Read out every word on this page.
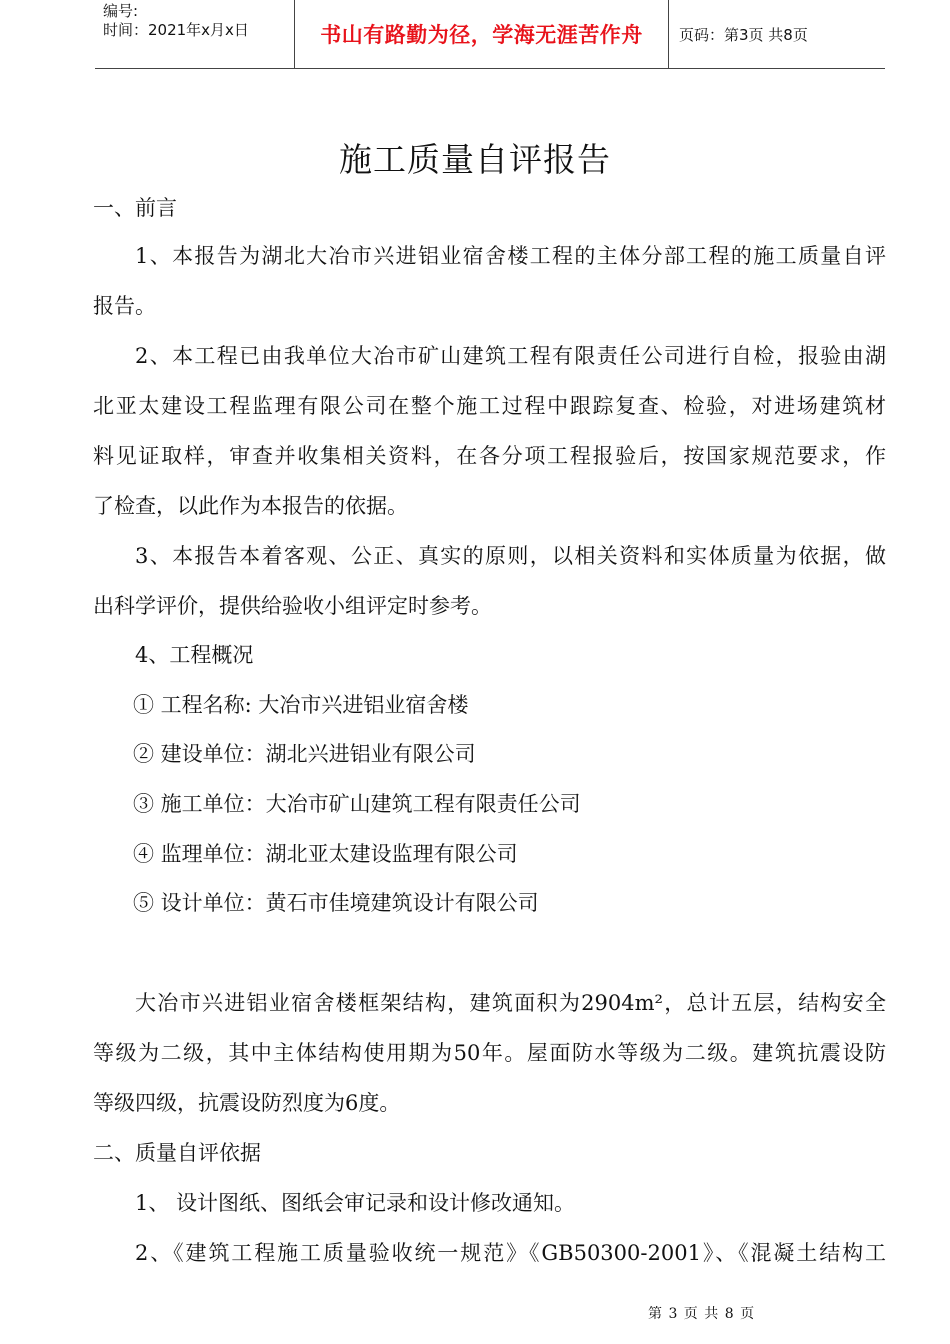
编号:
时间：2021年x月x日	书山有路勤为径，学海无涯苦作舟	页码：第3页 共8页
施工质量自评报告
一、前言
1、本报告为湖北大冶市兴进铝业宿舍楼工程的主体分部工程的施工质量自评
报告。
2、本工程已由我单位大冶市矿山建筑工程有限责任公司进行自检，报验由湖
北亚太建设工程监理有限公司在整个施工过程中跟踪复查、检验，对进场建筑材
料见证取样，审查并收集相关资料，在各分项工程报验后，按国家规范要求，作
了检查，以此作为本报告的依据。
3、本报告本着客观、公正、真实的原则，以相关资料和实体质量为依据，做
出科学评价，提供给验收小组评定时参考。
4、工程概况
① 工程名称: 大冶市兴进铝业宿舍楼
② 建设单位：湖北兴进铝业有限公司
③ 施工单位：大冶市矿山建筑工程有限责任公司
④ 监理单位：湖北亚太建设监理有限公司
⑤ 设计单位：黄石市佳境建筑设计有限公司
大冶市兴进铝业宿舍楼框架结构，建筑面积为2904m²，总计五层，结构安全
等级为二级，其中主体结构使用期为50年。屋面防水等级为二级。建筑抗震设防
等级四级，抗震设防烈度为6度。
二、质量自评依据
1、 设计图纸、图纸会审记录和设计修改通知。
2、《建筑工程施工质量验收统一规范》《GB50300-2001》、《混凝土结构工
第 3 页 共 8 页
